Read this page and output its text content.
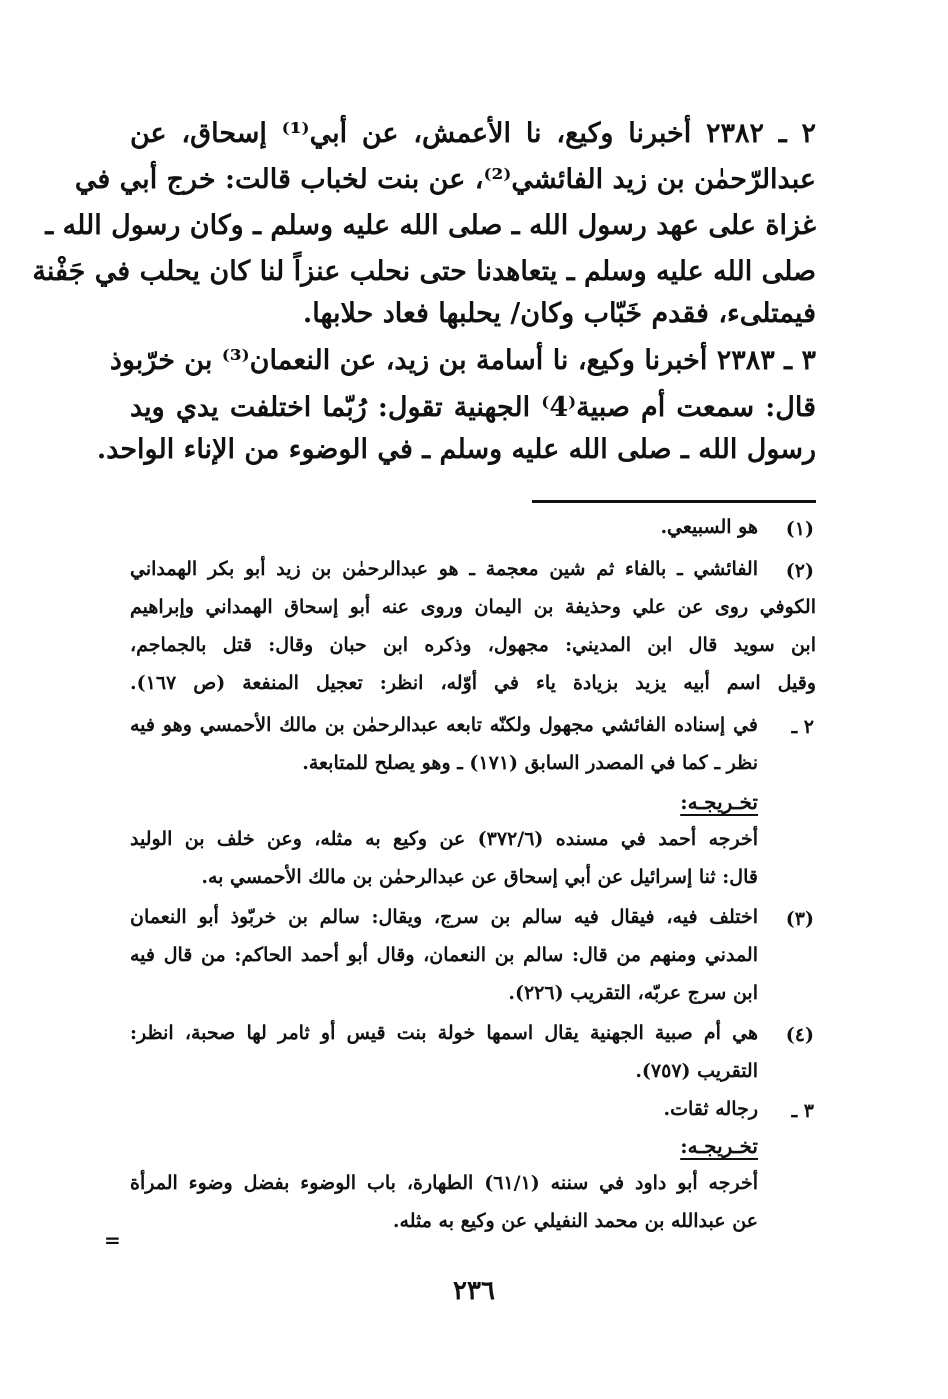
٢ ـ ٢٣٨٢ أخبرنا وكيع، نا الأعمش، عن أبي⁽¹⁾ إسحاق، عن
عبدالرّحمٰن بن زيد الفائشي⁽²⁾، عن بنت لخباب قالت: خرج أبي في
غزاة على عهد رسول الله ـ صلى الله عليه وسلم ـ وكان رسول الله ـ
صلى الله عليه وسلم ـ يتعاهدنا حتى نحلب عنزاً لنا كان يحلب في جَفْنة
فيمتلىء، فقدم خَبّاب وكان/ يحلبها فعاد حلابها.
٣ ـ ٢٣٨٣ أخبرنا وكيع، نا أسامة بن زيد، عن النعمان⁽³⁾ بن خرّبوذ
قال: سمعت أم صبية⁽4⁾ الجهنية تقول: رُبّما اختلفت يدي ويد
رسول الله ـ صلى الله عليه وسلم ـ في الوضوء من الإناء الواحد.
(١)
هو السبيعي.
(٢)
الفائشي ـ بالفاء ثم شين معجمة ـ هو عبدالرحمٰن بن زيد أبو بكر الهمداني
الكوفي روى عن علي وحذيفة بن اليمان وروى عنه أبو إسحاق الهمداني وإبراهيم
ابن سويد قال ابن المديني: مجهول، وذكره ابن حبان وقال: قتل بالجماجم،
وقيل اسم أبيه يزيد بزيادة ياء في أوّله، انظر: تعجيل المنفعة (ص ١٦٧).
٢ ـ
في إسناده الفائشي مجهول ولكنّه تابعه عبدالرحمٰن بن مالك الأحمسي وهو فيه
نظر ـ كما في المصدر السابق (١٧١) ـ وهو يصلح للمتابعة.
تخـريجـه:
أخرجه أحمد في مسنده (٣٧٢/٦) عن وكيع به مثله، وعن خلف بن الوليد
قال: ثنا إسرائيل عن أبي إسحاق عن عبدالرحمٰن بن مالك الأحمسي به.
(٣)
اختلف فيه، فيقال فيه سالم بن سرج، ويقال: سالم بن خربّوذ أبو النعمان
المدني ومنهم من قال: سالم بن النعمان، وقال أبو أحمد الحاكم: من قال فيه
ابن سرج عربّه، التقريب (٢٢٦).
(٤)
هي أم صبية الجهنية يقال اسمها خولة بنت قيس أو ثامر لها صحبة، انظر:
التقريب (٧٥٧).
٣ ـ
رجاله ثقات.
تخـريجـه:
أخرجه أبو داود في سننه (٦١/١) الطهارة، باب الوضوء بفضل وضوء المرأة
عن عبدالله بن محمد النفيلي عن وكيع به مثله.
=
٢٣٦
